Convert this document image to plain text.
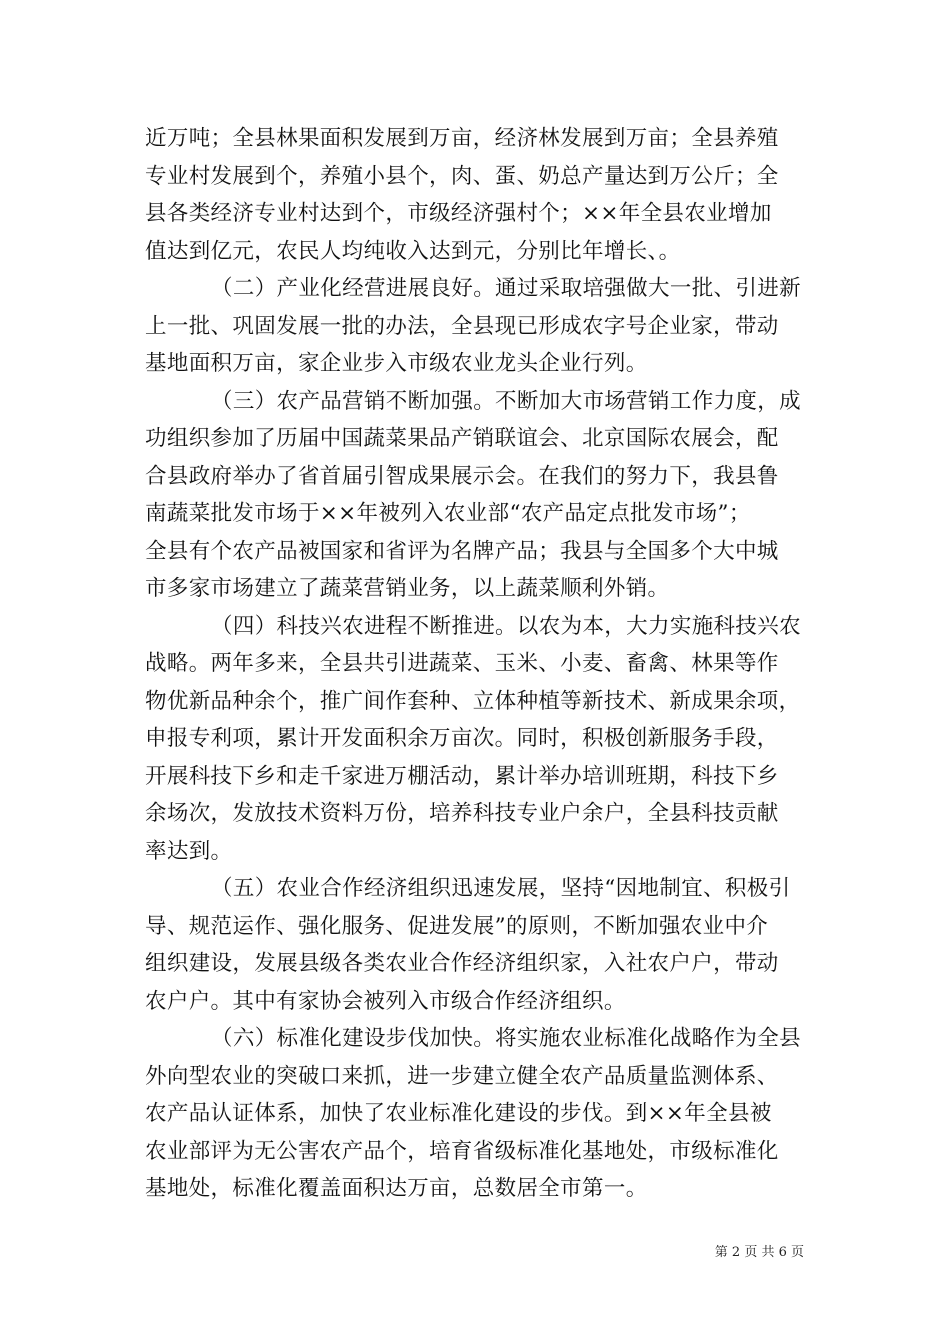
近万吨；全县林果面积发展到万亩，经济林发展到万亩；全县养殖
专业村发展到个，养殖小县个，肉、蛋、奶总产量达到万公斤；全
县各类经济专业村达到个，市级经济强村个；××年全县农业增加
值达到亿元，农民人均纯收入达到元，分别比年增长、。
（二）产业化经营进展良好。通过采取培强做大一批、引进新
上一批、巩固发展一批的办法，全县现已形成农字号企业家，带动
基地面积万亩，家企业步入市级农业龙头企业行列。
（三）农产品营销不断加强。不断加大市场营销工作力度，成
功组织参加了历届中国蔬菜果品产销联谊会、北京国际农展会，配
合县政府举办了省首届引智成果展示会。在我们的努力下，我县鲁
南蔬菜批发市场于××年被列入农业部“农产品定点批发市场”；
全县有个农产品被国家和省评为名牌产品；我县与全国多个大中城
市多家市场建立了蔬菜营销业务，以上蔬菜顺利外销。
（四）科技兴农进程不断推进。以农为本，大力实施科技兴农
战略。两年多来，全县共引进蔬菜、玉米、小麦、畜禽、林果等作
物优新品种余个，推广间作套种、立体种植等新技术、新成果余项，
申报专利项，累计开发面积余万亩次。同时，积极创新服务手段，
开展科技下乡和走千家进万棚活动，累计举办培训班期，科技下乡
余场次，发放技术资料万份，培养科技专业户余户，全县科技贡献
率达到。
（五）农业合作经济组织迅速发展，坚持“因地制宜、积极引
导、规范运作、强化服务、促进发展”的原则，不断加强农业中介
组织建设，发展县级各类农业合作经济组织家，入社农户户，带动
农户户。其中有家协会被列入市级合作经济组织。
（六）标准化建设步伐加快。将实施农业标准化战略作为全县
外向型农业的突破口来抓，进一步建立健全农产品质量监测体系、
农产品认证体系，加快了农业标准化建设的步伐。到××年全县被
农业部评为无公害农产品个，培育省级标准化基地处，市级标准化
基地处，标准化覆盖面积达万亩，总数居全市第一。
第 2 页 共 6 页
